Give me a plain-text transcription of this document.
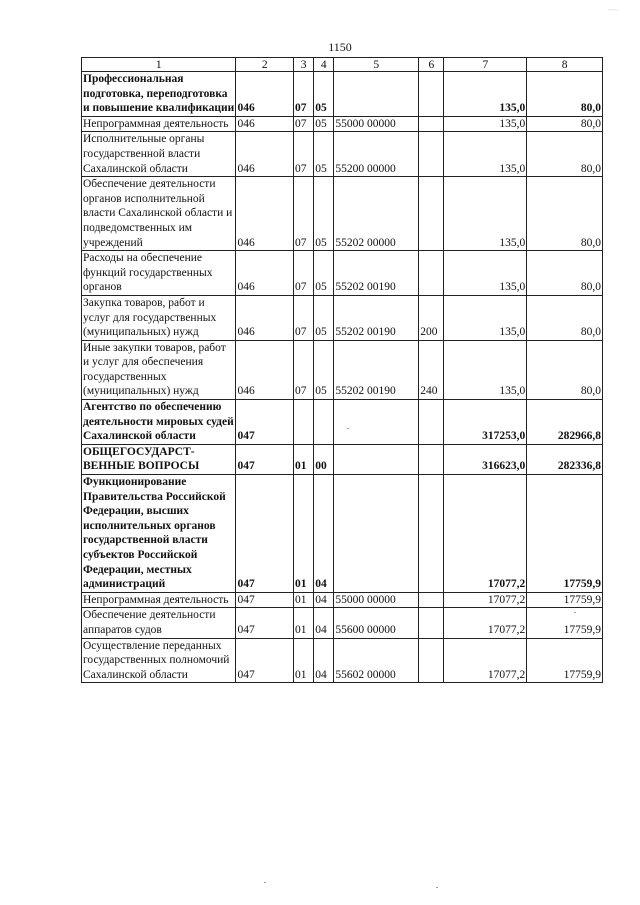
~~~
1150
1	2	3	4	5	6	7	8
Профессиональная подготовка, переподготовка и повышение квалификации	046	07	05			135,0	80,0
Непрограммная деятельность	046	07	05	55000 00000		135,0	80,0
Исполнительные органы государственной власти Сахалинской области	046	07	05	55200 00000		135,0	80,0
Обеспечение деятельности органов исполнительной власти Сахалинской области и подведомственных им учреждений	046	07	05	55202 00000		135,0	80,0
Расходы на обеспечение функций государственных органов	046	07	05	55202 00190		135,0	80,0
Закупка товаров, работ и услуг для государственных (муниципальных) нужд	046	07	05	55202 00190	200	135,0	80,0
Иные закупки товаров, работ и услуг для обеспечения государственных (муниципальных) нужд	046	07	05	55202 00190	240	135,0	80,0
Агентство по обеспечению деятельности мировых судей Сахалинской области	047					317253,0	282966,8
ОБЩЕГОСУДАРСТ-ВЕННЫЕ ВОПРОСЫ	047	01	00			316623,0	282336,8
Функционирование Правительства Российской Федерации, высших исполнительных органов государственной власти субъектов Российской Федерации, местных администраций	047	01	04			17077,2	17759,9
Непрограммная деятельность	047	01	04	55000 00000		17077,2	17759,9
Обеспечение деятельности аппаратов судов	047	01	04	55600 00000		17077,2	17759,9
Осуществление переданных государственных полномочий Сахалинской области	047	01	04	55602 00000		17077,2	17759,9
